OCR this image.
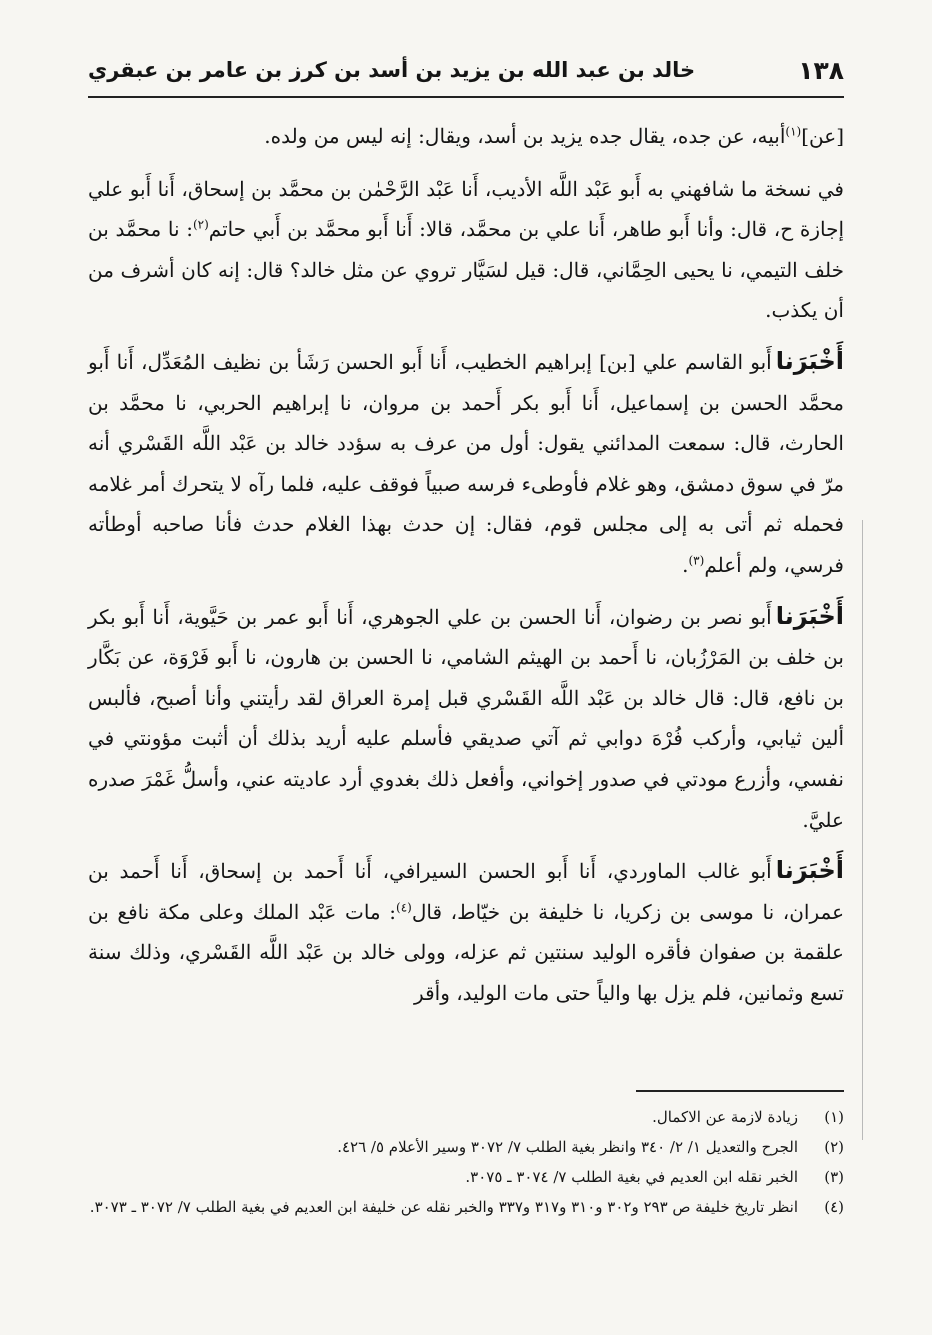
١٣٨
خالد بن عبد الله بن يزيد بن أسد بن كرز بن عامر بن عبقري

[عن]$^{(١)}$أبيه، عن جده، يقال جده يزيد بن أسد، ويقال: إنه ليس من ولده.

في نسخة ما شافهني به أَبو عَبْد اللَّه الأديب، أَنا عَبْد الرَّحْمٰن بن محمَّد بن إسحاق، أَنا أَبو علي إجازة ح، قال: وأنا أَبو طاهر، أَنا علي بن محمَّد، قالا: أَنا أَبو محمَّد بن أَبي حاتم$^{(٢)}$: نا محمَّد بن خلف التيمي، نا يحيى الحِمَّاني، قال: قيل لسَيَّار تروي عن مثل خالد؟ قال: إنه كان أشرف من أن يكذب.

أَخْبَرَناأَبو القاسم علي [بن] إبراهيم الخطيب، أَنا أَبو الحسن رَشَأ بن نظيف المُعَدِّل، أَنا أَبو محمَّد الحسن بن إسماعيل، أَنا أَبو بكر أَحمد بن مروان، نا إبراهيم الحربي، نا محمَّد بن الحارث، قال: سمعت المدائني يقول: أول من عرف به سؤدد خالد بن عَبْد اللَّه القَسْري أنه مرّ في سوق دمشق، وهو غلام فأوطىء فرسه صبياً فوقف عليه، فلما رآه لا يتحرك أمر غلامه فحمله ثم أتى به إلى مجلس قوم، فقال: إن حدث بهذا الغلام حدث فأنا صاحبه أوطأته فرسي، ولم أعلم$^{(٣)}$.

أَخْبَرَناأَبو نصر بن رضوان، أَنا الحسن بن علي الجوهري، أَنا أَبو عمر بن حَيَّوية، أَنا أَبو بكر بن خلف بن المَرْزُبان، نا أَحمد بن الهيثم الشامي، نا الحسن بن هارون، نا أَبو فَرْوَة، عن بَكَّار بن نافع، قال: قال خالد بن عَبْد اللَّه القَسْري قبل إمرة العراق لقد رأيتني وأنا أصبح، فألبس ألين ثيابي، وأركب فُرْهَ دوابي ثم آتي صديقي فأسلم عليه أريد بذلك أن أثبت مؤونتي في نفسي، وأزرع مودتي في صدور إخواني، وأفعل ذلك بغدوي أرد عاديته عني، وأسلُّ غَمْرَ صدره عليَّ.

أَخْبَرَناأَبو غالب الماوردي، أَنا أَبو الحسن السيرافي، أَنا أَحمد بن إسحاق، أَنا أَحمد بن عمران، نا موسى بن زكريا، نا خليفة بن خيّاط، قال$^{(٤)}$: مات عَبْد الملك وعلى مكة نافع بن علقمة بن صفوان فأقره الوليد سنتين ثم عزله، وولى خالد بن عَبْد اللَّه القَسْري، وذلك سنة تسع وثمانين، فلم يزل بها والياً حتى مات الوليد، وأقر

(١)
زيادة لازمة عن الاكمال.
(٢)
الجرح والتعديل ١/ ٢/ ٣٤٠ وانظر بغية الطلب ٧/ ٣٠٧٢ وسير الأعلام ٥/ ٤٢٦.
(٣)
الخبر نقله ابن العديم في بغية الطلب ٧/ ٣٠٧٤ ـ ٣٠٧٥.
(٤)
انظر تاريخ خليفة ص ٢٩٣ و٣٠٢ و٣١٠ و٣١٧ و٣٣٧ والخبر نقله عن خليفة ابن العديم في بغية الطلب ٧/ ٣٠٧٢ ـ ٣٠٧٣.
